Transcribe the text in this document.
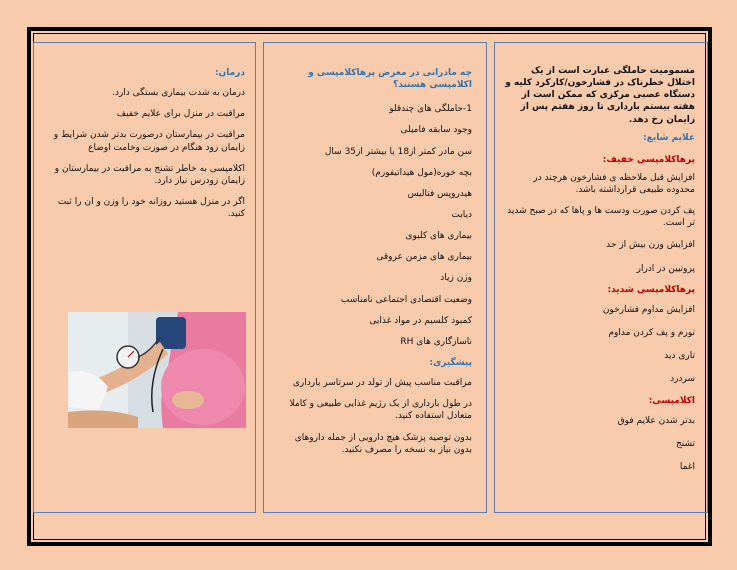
مسمومیت حاملگی عبارت است از یک اختلال خطرناک در فشارخون/کارکرد کلیه و دستگاه عصبی مرکزی که ممکن است از هفته بیستم بارداری تا روز هفتم پس از زایمان رخ دهد.

علایم شایع:

پرهاکلامپسی خفیف:

افزایش قبل ملاحظه ی فشارخون هرچند در محدوده طبیعی قرارداشته باشد.

پف کردن صورت ودست ها و پاها که در صبح شدید تر است.

افزایش وزن بیش از حد

پروتیین در ادرار

پرهاکلامپسی شدید:

افزایش مداوم فشارخون

تورم و پف کردن مداوم

تاری دید

سردرد

اکلامپسی:

بدتر شدن علایم فوق

تشنج

اغما

چه مادرانی در معرض پرهاکلامپسی و اکلامپسی هستند؟

1-حاملگی های چندقلو

وجود سابقه فامیلی

سن مادر کمتر از18 یا بیشتر از35 سال

بچه خوره(مول هیداتیفورم)

هیدروپس فتالیس

دیابت

بیماری های کلیوی

بیماری های مزمن عروقی

وزن زیاد

وضعیت اقتصادی اجتماعی نامناسب

کمبود کلسیم در مواد غذایی

ناسازگاری های RH

پیشگیری:

مراقبت مناسب پیش از تولد در سرتاسر بارداری

در طول بارداری از یک رژیم غذایی طبیعی و کاملا متعادل استفاده کنید.

بدون توصیه پزشک هیچ دارویی از جمله داروهای بدون نیاز به نسخه را مصرف نکنید.

درمان:

درمان به شدت بیماری بستگی دارد.

مراقبت در منزل برای علایم خفیف

مراقبت در بیمارستان درصورت بدتر شدن شرایط و زایمان زود هنگام در صورت وخامت اوضاع

اکلامپسی به خاطر تشنج به مراقبت در بیمارستان و زایمان زودرس نیاز دارد.

اگر در منزل هستید روزانه خود را وزن و ان را ثبت کنید.
